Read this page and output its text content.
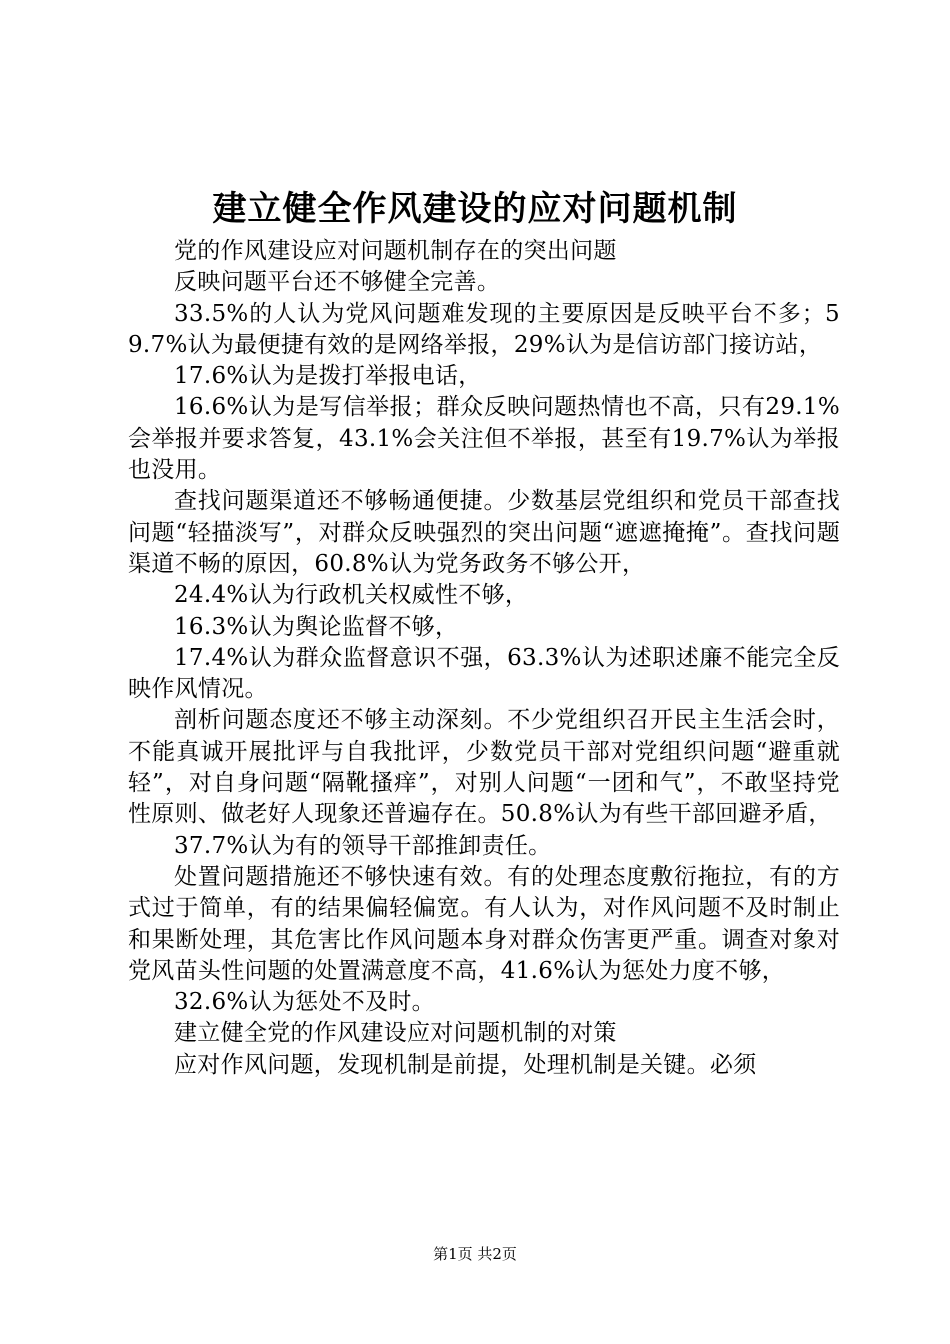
建立健全作风建设的应对问题机制

党的作风建设应对问题机制存在的突出问题

反映问题平台还不够健全完善。

33.5%的人认为党风问题难发现的主要原因是反映平台不多；59.7%认为最便捷有效的是网络举报，29%认为是信访部门接访站，

17.6%认为是拨打举报电话，

16.6%认为是写信举报；群众反映问题热情也不高，只有29.1%会举报并要求答复，43.1%会关注但不举报，甚至有19.7%认为举报也没用。

查找问题渠道还不够畅通便捷。少数基层党组织和党员干部查找问题“轻描淡写”，对群众反映强烈的突出问题“遮遮掩掩”。查找问题渠道不畅的原因，60.8%认为党务政务不够公开，

24.4%认为行政机关权威性不够，

16.3%认为舆论监督不够，

17.4%认为群众监督意识不强，63.3%认为述职述廉不能完全反映作风情况。

剖析问题态度还不够主动深刻。不少党组织召开民主生活会时，不能真诚开展批评与自我批评，少数党员干部对党组织问题“避重就轻”，对自身问题“隔靴搔痒”，对别人问题“一团和气”，不敢坚持党性原则、做老好人现象还普遍存在。50.8%认为有些干部回避矛盾，

37.7%认为有的领导干部推卸责任。

处置问题措施还不够快速有效。有的处理态度敷衍拖拉，有的方式过于简单，有的结果偏轻偏宽。有人认为，对作风问题不及时制止和果断处理，其危害比作风问题本身对群众伤害更严重。调查对象对党风苗头性问题的处置满意度不高，41.6%认为惩处力度不够，

32.6%认为惩处不及时。

建立健全党的作风建设应对问题机制的对策

应对作风问题，发现机制是前提，处理机制是关键。必须

第1页 共2页
